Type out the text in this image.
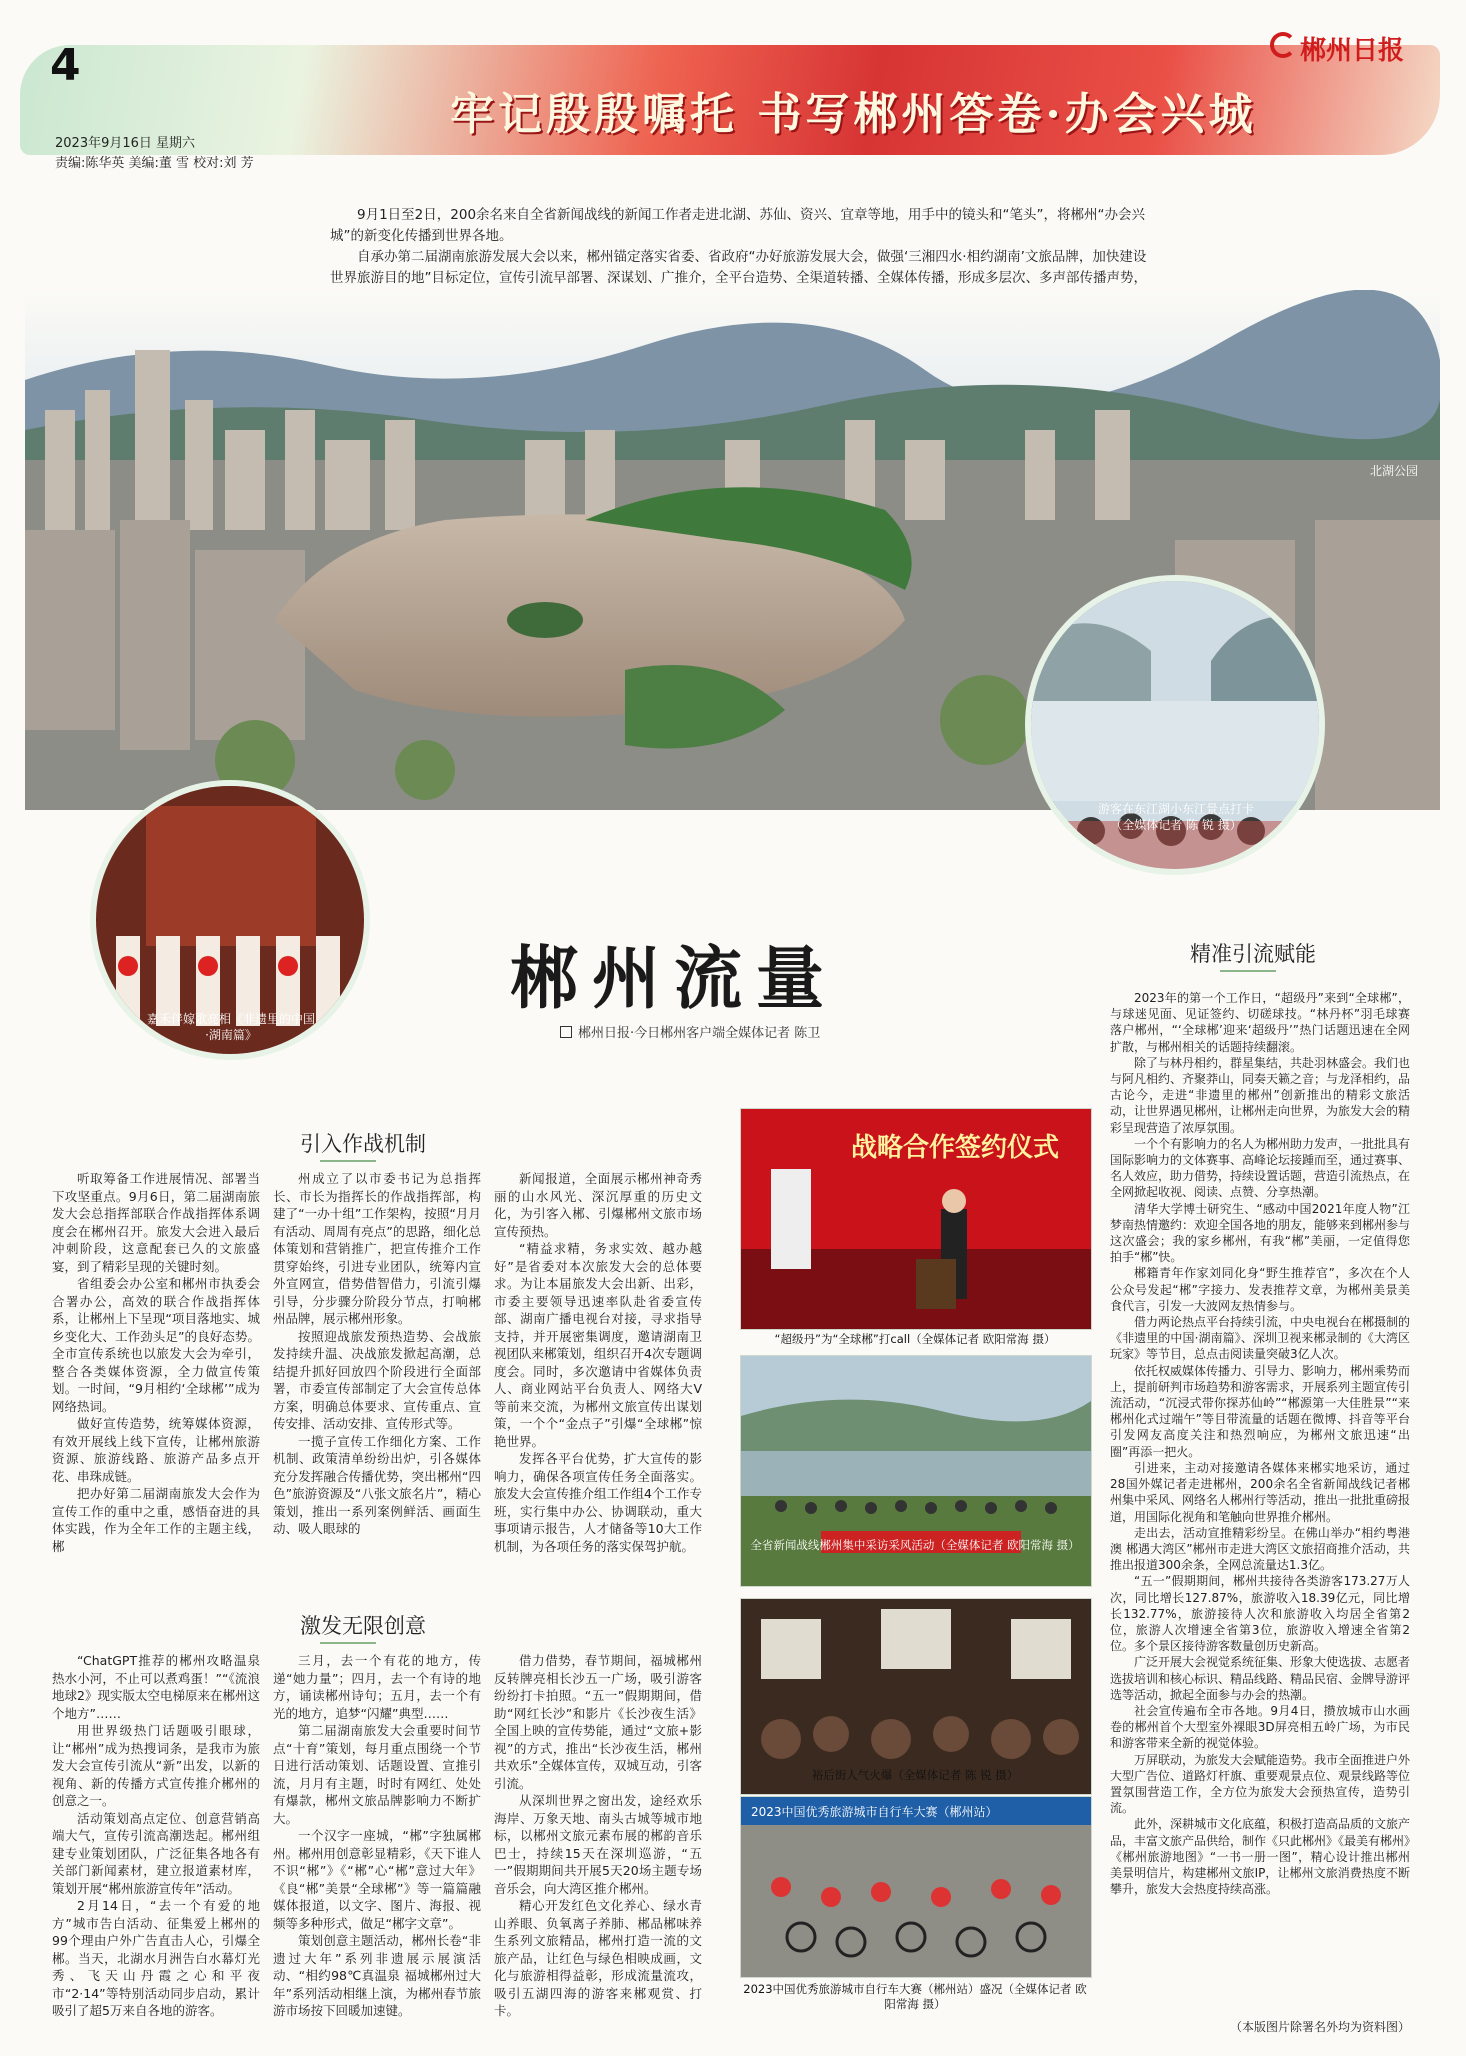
4
牢记殷殷嘱托 书写郴州答卷·办会兴城
郴州日报
2023年9月16日 星期六
责编:陈华英 美编:董 雪 校对:刘 芳

9月1日至2日，200余名来自全省新闻战线的新闻工作者走进北湖、苏仙、资兴、宜章等地，用手中的镜头和“笔头”，将郴州“办会兴城”的新变化传播到世界各地。

自承办第二届湖南旅游发展大会以来，郴州锚定落实省委、省政府“办好旅游发展大会，做强‘三湘四水·相约湖南’文旅品牌，加快建设世界旅游目的地”目标定位，宣传引流早部署、深谋划、广推介，全平台造势、全渠道转播、全媒体传播，形成多层次、多声部传播声势，

北湖公园
游客在东江湖小东江景点打卡（全媒体记者 陈 锐 摄）
嘉禾伴嫁歌亮相《非遗里的中国·湖南篇》
郴州流量
郴州日报·今日郴州客户端全媒体记者 陈卫
引入作战机制

听取筹备工作进展情况、部署当下攻坚重点。9月6日，第二届湖南旅发大会总指挥部联合作战指挥体系调度会在郴州召开。旅发大会进入最后冲刺阶段，这意配套已久的文旅盛宴，到了精彩呈现的关键时刻。

省组委会办公室和郴州市执委会合署办公，高效的联合作战指挥体系，让郴州上下呈现“项目落地实、城乡变化大、工作劲头足”的良好态势。全市宣传系统也以旅发大会为牵引，整合各类媒体资源，全力做宣传策划。一时间，“9月相约‘全球郴’”成为网络热词。

做好宣传造势，统筹媒体资源，有效开展线上线下宣传，让郴州旅游资源、旅游线路、旅游产品多点开花、串珠成链。

把办好第二届湖南旅发大会作为宣传工作的重中之重，感悟奋进的具体实践，作为全年工作的主题主线，郴

州成立了以市委书记为总指挥长、市长为指挥长的作战指挥部，构建了“一办十组”工作架构，按照“月月有活动、周周有亮点”的思路，细化总体策划和营销推广，把宣传推介工作贯穿始终，引进专业团队，统筹内宣外宣网宣，借势借智借力，引流引爆引导，分步骤分阶段分节点，打响郴州品牌，展示郴州形象。

按照迎战旅发预热造势、会战旅发持续升温、决战旅发掀起高潮，总结提升抓好回放四个阶段进行全面部署，市委宣传部制定了大会宣传总体方案，明确总体要求、宣传重点、宣传安排、活动安排、宣传形式等。

一揽子宣传工作细化方案、工作机制、政策清单纷纷出炉，引各媒体充分发挥融合传播优势，突出郴州“四色”旅游资源及“八张文旅名片”，精心策划，推出一系列案例鲜活、画面生动、吸人眼球的

新闻报道，全面展示郴州神奇秀丽的山水风光、深沉厚重的历史文化，为引客入郴、引爆郴州文旅市场宣传预热。

“精益求精，务求实效、越办越好”是省委对本次旅发大会的总体要求。为让本届旅发大会出新、出彩，市委主要领导迅速率队赴省委宣传部、湖南广播电视台对接，寻求指导支持，并开展密集调度，邀请湖南卫视团队来郴策划，组织召开4次专题调度会。同时，多次邀请中省媒体负责人、商业网站平台负责人、网络大V等前来交流，为郴州文旅宣传出谋划策，一个个“金点子”引爆“全球郴”惊艳世界。

发挥各平台优势，扩大宣传的影响力，确保各项宣传任务全面落实。旅发大会宣传推介组工作组4个工作专班，实行集中办公、协调联动，重大事项请示报告，人才储备等10大工作机制，为各项任务的落实保驾护航。

激发无限创意

“ChatGPT推荐的郴州攻略温泉热水小河，不止可以煮鸡蛋！”“《流浪地球2》现实版太空电梯原来在郴州这个地方”……

用世界级热门话题吸引眼球，让“郴州”成为热搜词条，是我市为旅发大会宣传引流从“新”出发，以新的视角、新的传播方式宣传推介郴州的创意之一。

活动策划高点定位、创意营销高端大气，宣传引流高潮迭起。郴州组建专业策划团队，广泛征集各地各有关部门新闻素材，建立报道素材库，策划开展“郴州旅游宣传年”活动。

2月14日，“去一个有爱的地方”城市告白活动、征集爱上郴州的99个理由户外广告直击人心，引爆全郴。当天，北湖水月洲告白水幕灯光秀、飞天山丹霞之心和平夜市“2·14”等特别活动同步启动，累计吸引了超5万来自各地的游客。

三月，去一个有花的地方，传递“她力量”；四月，去一个有诗的地方，诵读郴州诗句；五月，去一个有光的地方，追梦“闪耀”典型……

第二届湖南旅发大会重要时间节点“十育”策划，每月重点围绕一个节日进行活动策划、话题设置、宣推引流，月月有主题，时时有网红、处处有爆款，郴州文旅品牌影响力不断扩大。

一个汉字一座城，“郴”字独属郴州。郴州用创意彰显精彩，《天下谁人不识“郴”》《“郴”心“郴”意过大年》《良“郴”美景“全球郴”》等一篇篇融媒体报道，以文字、图片、海报、视频等多种形式，做足“郴字文章”。

策划创意主题活动，郴州长卷“非遗过大年”系列非遗展示展演活动、“相约98℃真温泉 福城郴州过大年”系列活动相继上演，为郴州春节旅游市场按下回暖加速键。

借力借势，春节期间，福城郴州反转牌亮相长沙五一广场，吸引游客纷纷打卡拍照。“五一”假期期间，借助“网红长沙”和影片《长沙夜生活》全国上映的宣传势能，通过“文旅+影视”的方式，推出“长沙夜生活，郴州共欢乐”全媒体宣传，双城互动，引客引流。

从深圳世界之窗出发，途经欢乐海岸、万象天地、南头古城等城市地标，以郴州文旅元素布展的郴韵音乐巴士，持续15天在深圳巡游，“五一”假期期间共开展5天20场主题专场音乐会，向大湾区推介郴州。

精心开发红色文化养心、绿水青山养眼、负氧离子养肺、郴品郴味养生系列文旅精品，郴州打造一流的文旅产品，让红色与绿色相映成画，文化与旅游相得益彰，形成流量流攻，吸引五湖四海的游客来郴观赏、打卡。

战略合作签约仪式
“超级丹”为“全球郴”打call（全媒体记者 欧阳常海 摄）
全省新闻战线郴州集中采访采风活动（全媒体记者 欧阳常海 摄）
裕后街人气火爆（全媒体记者 陈 锐 摄）
2023中国优秀旅游城市自行车大赛（郴州站）
2023中国优秀旅游城市自行车大赛（郴州站）盛况（全媒体记者 欧阳常海 摄）
精准引流赋能

2023年的第一个工作日，“超级丹”来到“全球郴”，与球迷见面、见证签约、切磋球技。“林丹杯”羽毛球赛落户郴州，“‘全球郴’迎来‘超级丹’”热门话题迅速在全网扩散，与郴州相关的话题持续翻滚。

除了与林丹相约，群星集结，共赴羽林盛会。我们也与阿凡相约、齐聚莽山，同奏天籁之音；与龙泽相约，品古论今，走进“非遗里的郴州”创新推出的精彩文旅活动，让世界遇见郴州，让郴州走向世界，为旅发大会的精彩呈现营造了浓厚氛围。

一个个有影响力的名人为郴州助力发声，一批批具有国际影响力的文体赛事、高峰论坛接踵而至，通过赛事、名人效应，助力借势，持续设置话题，营造引流热点，在全网掀起收视、阅读、点赞、分享热潮。

清华大学博士研究生、“感动中国2021年度人物”江梦南热情邀约：欢迎全国各地的朋友，能够来到郴州参与这次盛会；我的家乡郴州，有我“郴”美丽，一定值得您拍手“郴”快。

郴籍青年作家刘同化身“野生推荐官”，多次在个人公众号发起“郴”字接力、发表推荐文章，为郴州美景美食代言，引发一大波网友热情参与。

借力两论热点平台持续引流，中央电视台在郴摄制的《非遗里的中国·湖南篇》、深圳卫视来郴录制的《大湾区玩家》等节目，总点击阅读量突破3亿人次。

依托权威媒体传播力、引导力、影响力，郴州乘势而上，提前研判市场趋势和游客需求，开展系列主题宣传引流活动，“沉浸式带你探苏仙岭”“郴源第一大佳胜景”“来郴州化式过端午”等目带流量的话题在微博、抖音等平台引发网友高度关注和热烈响应，为郴州文旅迅速“出圈”再添一把火。

引进来，主动对接邀请各媒体来郴实地采访，通过28国外媒记者走进郴州，200余名全省新闻战线记者郴州集中采风、网络名人郴州行等活动，推出一批批重磅报道，用国际化视角和笔触向世界推介郴州。

走出去，活动宣推精彩纷呈。在佛山举办“相约粤港澳 郴遇大湾区”郴州市走进大湾区文旅招商推介活动，共推出报道300余条，全网总流量达1.3亿。

“五一”假期期间，郴州共接待各类游客173.27万人次，同比增长127.87%，旅游收入18.39亿元，同比增长132.77%，旅游接待人次和旅游收入均居全省第2位，旅游人次增速全省第3位，旅游收入增速全省第2位。多个景区接待游客数量创历史新高。

广泛开展大会视觉系统征集、形象大使选拔、志愿者选拔培训和核心标识、精品线路、精品民宿、金牌导游评选等活动，掀起全面参与办会的热潮。

社会宣传遍布全市各地。9月4日，攒放城市山水画卷的郴州首个大型室外裸眼3D屏亮相五岭广场，为市民和游客带来全新的视觉体验。

万屏联动，为旅发大会赋能造势。我市全面推进户外大型广告位、道路灯杆旗、重要观景点位、观景线路等位置氛围营造工作，全方位为旅发大会预热宣传，造势引流。

此外，深耕城市文化底蕴，积极打造高品质的文旅产品，丰富文旅产品供给，制作《只此郴州》《最美有郴州》《郴州旅游地图》“一书一册一图”，精心设计推出郴州美景明信片，构建郴州文旅IP，让郴州文旅消费热度不断攀升，旅发大会热度持续高涨。

（本版图片除署名外均为资料图）
